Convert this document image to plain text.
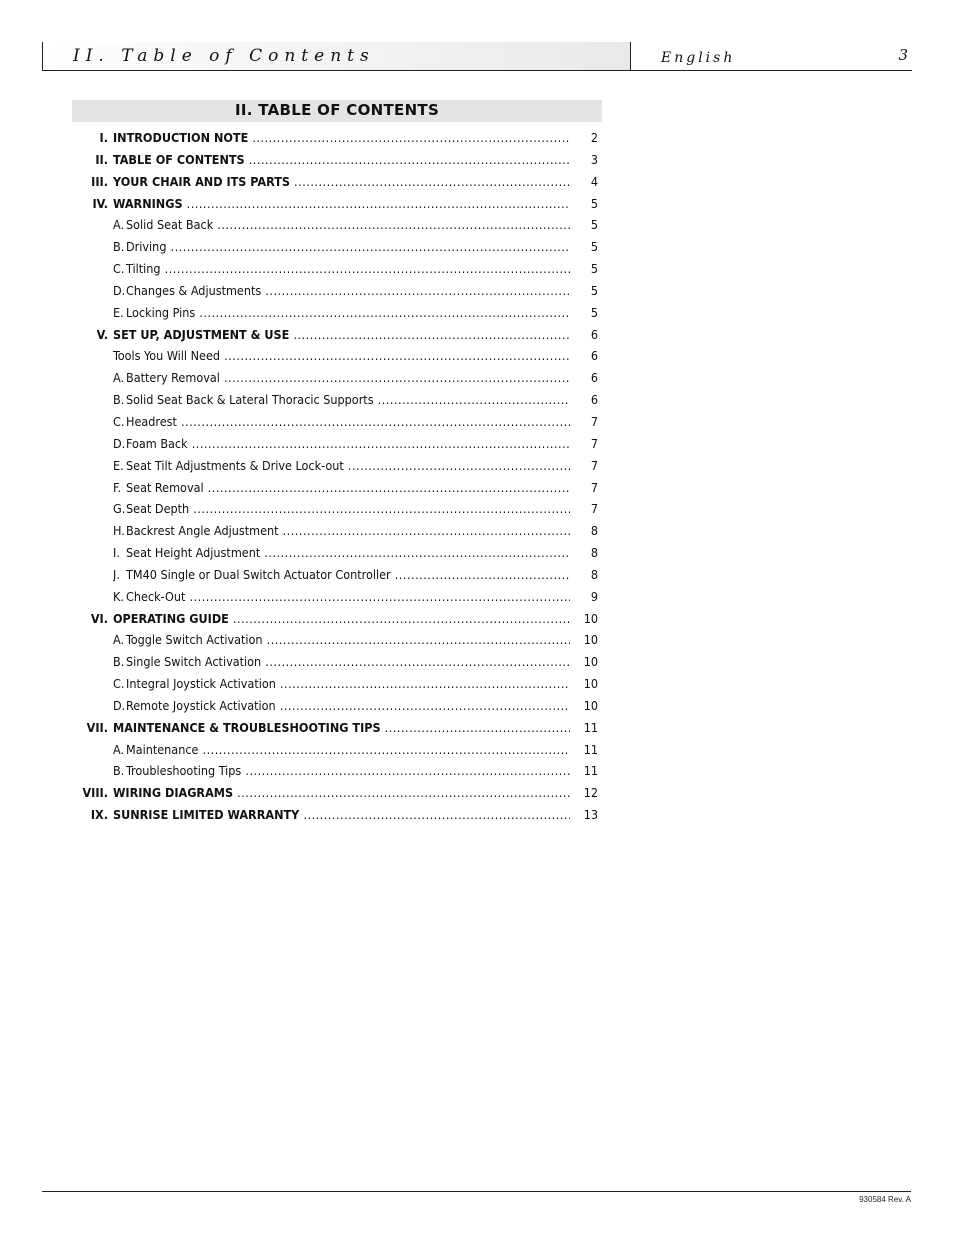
II. Table of Contents	English	3
II. TABLE OF CONTENTS
I. INTRODUCTION NOTE .....	2
II. TABLE OF CONTENTS .....	3
III. YOUR CHAIR AND ITS PARTS .....	4
IV. WARNINGS .....	5
A. Solid Seat Back .....	5
B. Driving .....	5
C. Tilting .....	5
D.Changes & Adjustments .....	5
E. Locking Pins .....	5
V. SET UP, ADJUSTMENT & USE .....	6
Tools You Will Need .....	6
A. Battery Removal .....	6
B. Solid Seat Back & Lateral Thoracic Supports .....	6
C. Headrest .....	7
D.Foam Back .....	7
E. Seat Tilt Adjustments & Drive Lock-out .....	7
F. Seat Removal .....	7
G.Seat Depth .....	7
H.Backrest Angle Adjustment .....	8
I. Seat Height Adjustment .....	8
J. TM40 Single or Dual Switch Actuator Controller .....	8
K. Check-Out .....	9
VI. OPERATING GUIDE .....	10
A. Toggle Switch Activation .....	10
B. Single Switch Activation .....	10
C. Integral Joystick Activation .....	10
D.Remote Joystick Activation .....	10
VII. MAINTENANCE & TROUBLESHOOTING TIPS .....	11
A. Maintenance .....	11
B. Troubleshooting Tips .....	11
VIII. WIRING DIAGRAMS .....	12
IX. SUNRISE LIMITED WARRANTY .....	13
930584 Rev. A
